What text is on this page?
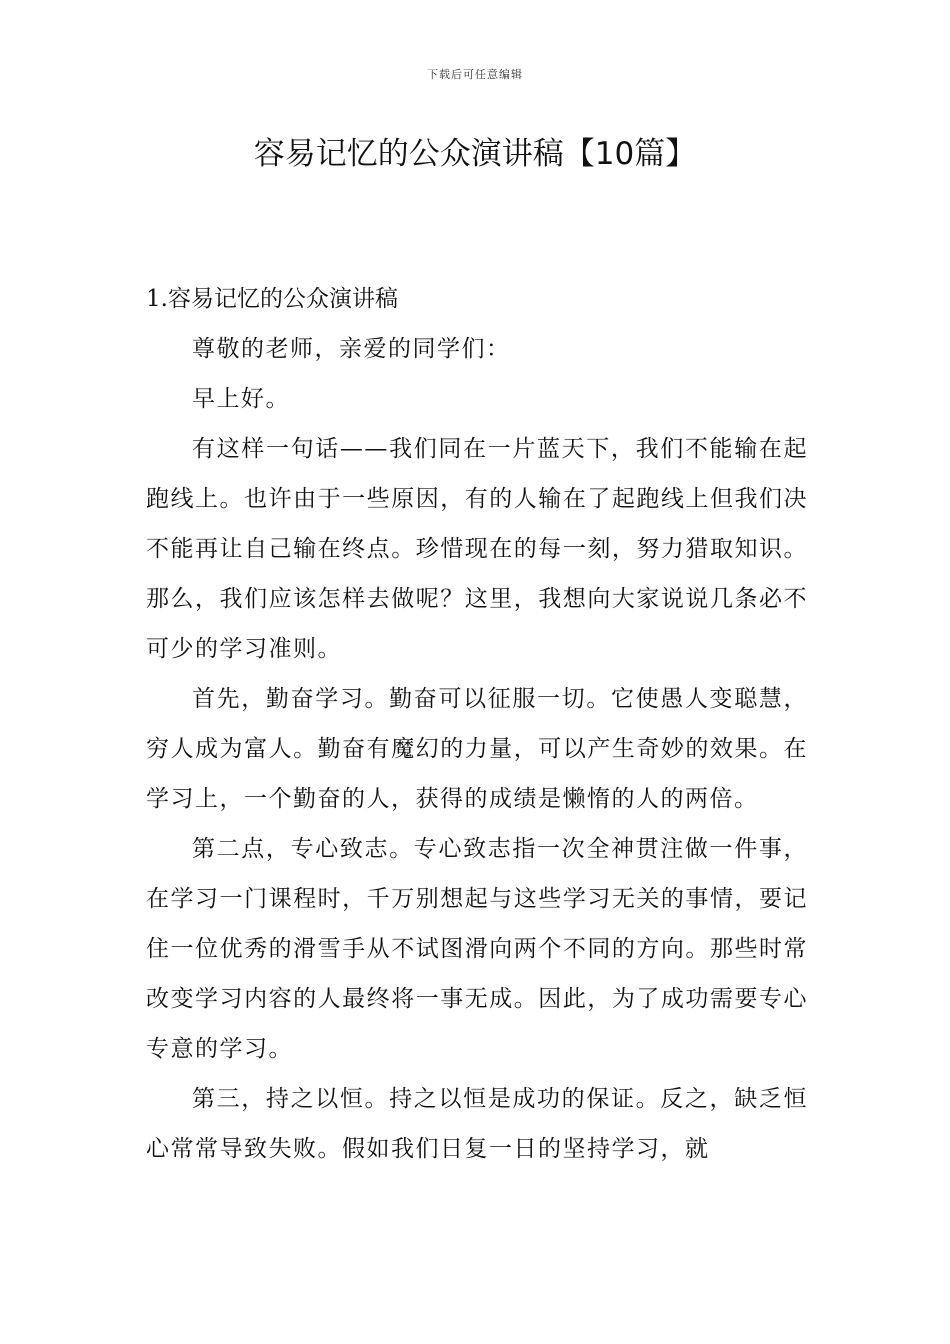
下载后可任意编辑
容易记忆的公众演讲稿【10篇】

1.容易记忆的公众演讲稿

尊敬的老师，亲爱的同学们：

早上好。

有这样一句话——我们同在一片蓝天下，我们不能输在起跑线上。也许由于一些原因，有的人输在了起跑线上但我们决不能再让自己输在终点。珍惜现在的每一刻，努力猎取知识。那么，我们应该怎样去做呢？这里，我想向大家说说几条必不可少的学习准则。

首先，勤奋学习。勤奋可以征服一切。它使愚人变聪慧，穷人成为富人。勤奋有魔幻的力量，可以产生奇妙的效果。在学习上，一个勤奋的人，获得的成绩是懒惰的人的两倍。

第二点，专心致志。专心致志指一次全神贯注做一件事，在学习一门课程时，千万别想起与这些学习无关的事情，要记住一位优秀的滑雪手从不试图滑向两个不同的方向。那些时常改变学习内容的人最终将一事无成。因此，为了成功需要专心专意的学习。

第三，持之以恒。持之以恒是成功的保证。反之，缺乏恒心常常导致失败。假如我们日复一日的坚持学习，就
